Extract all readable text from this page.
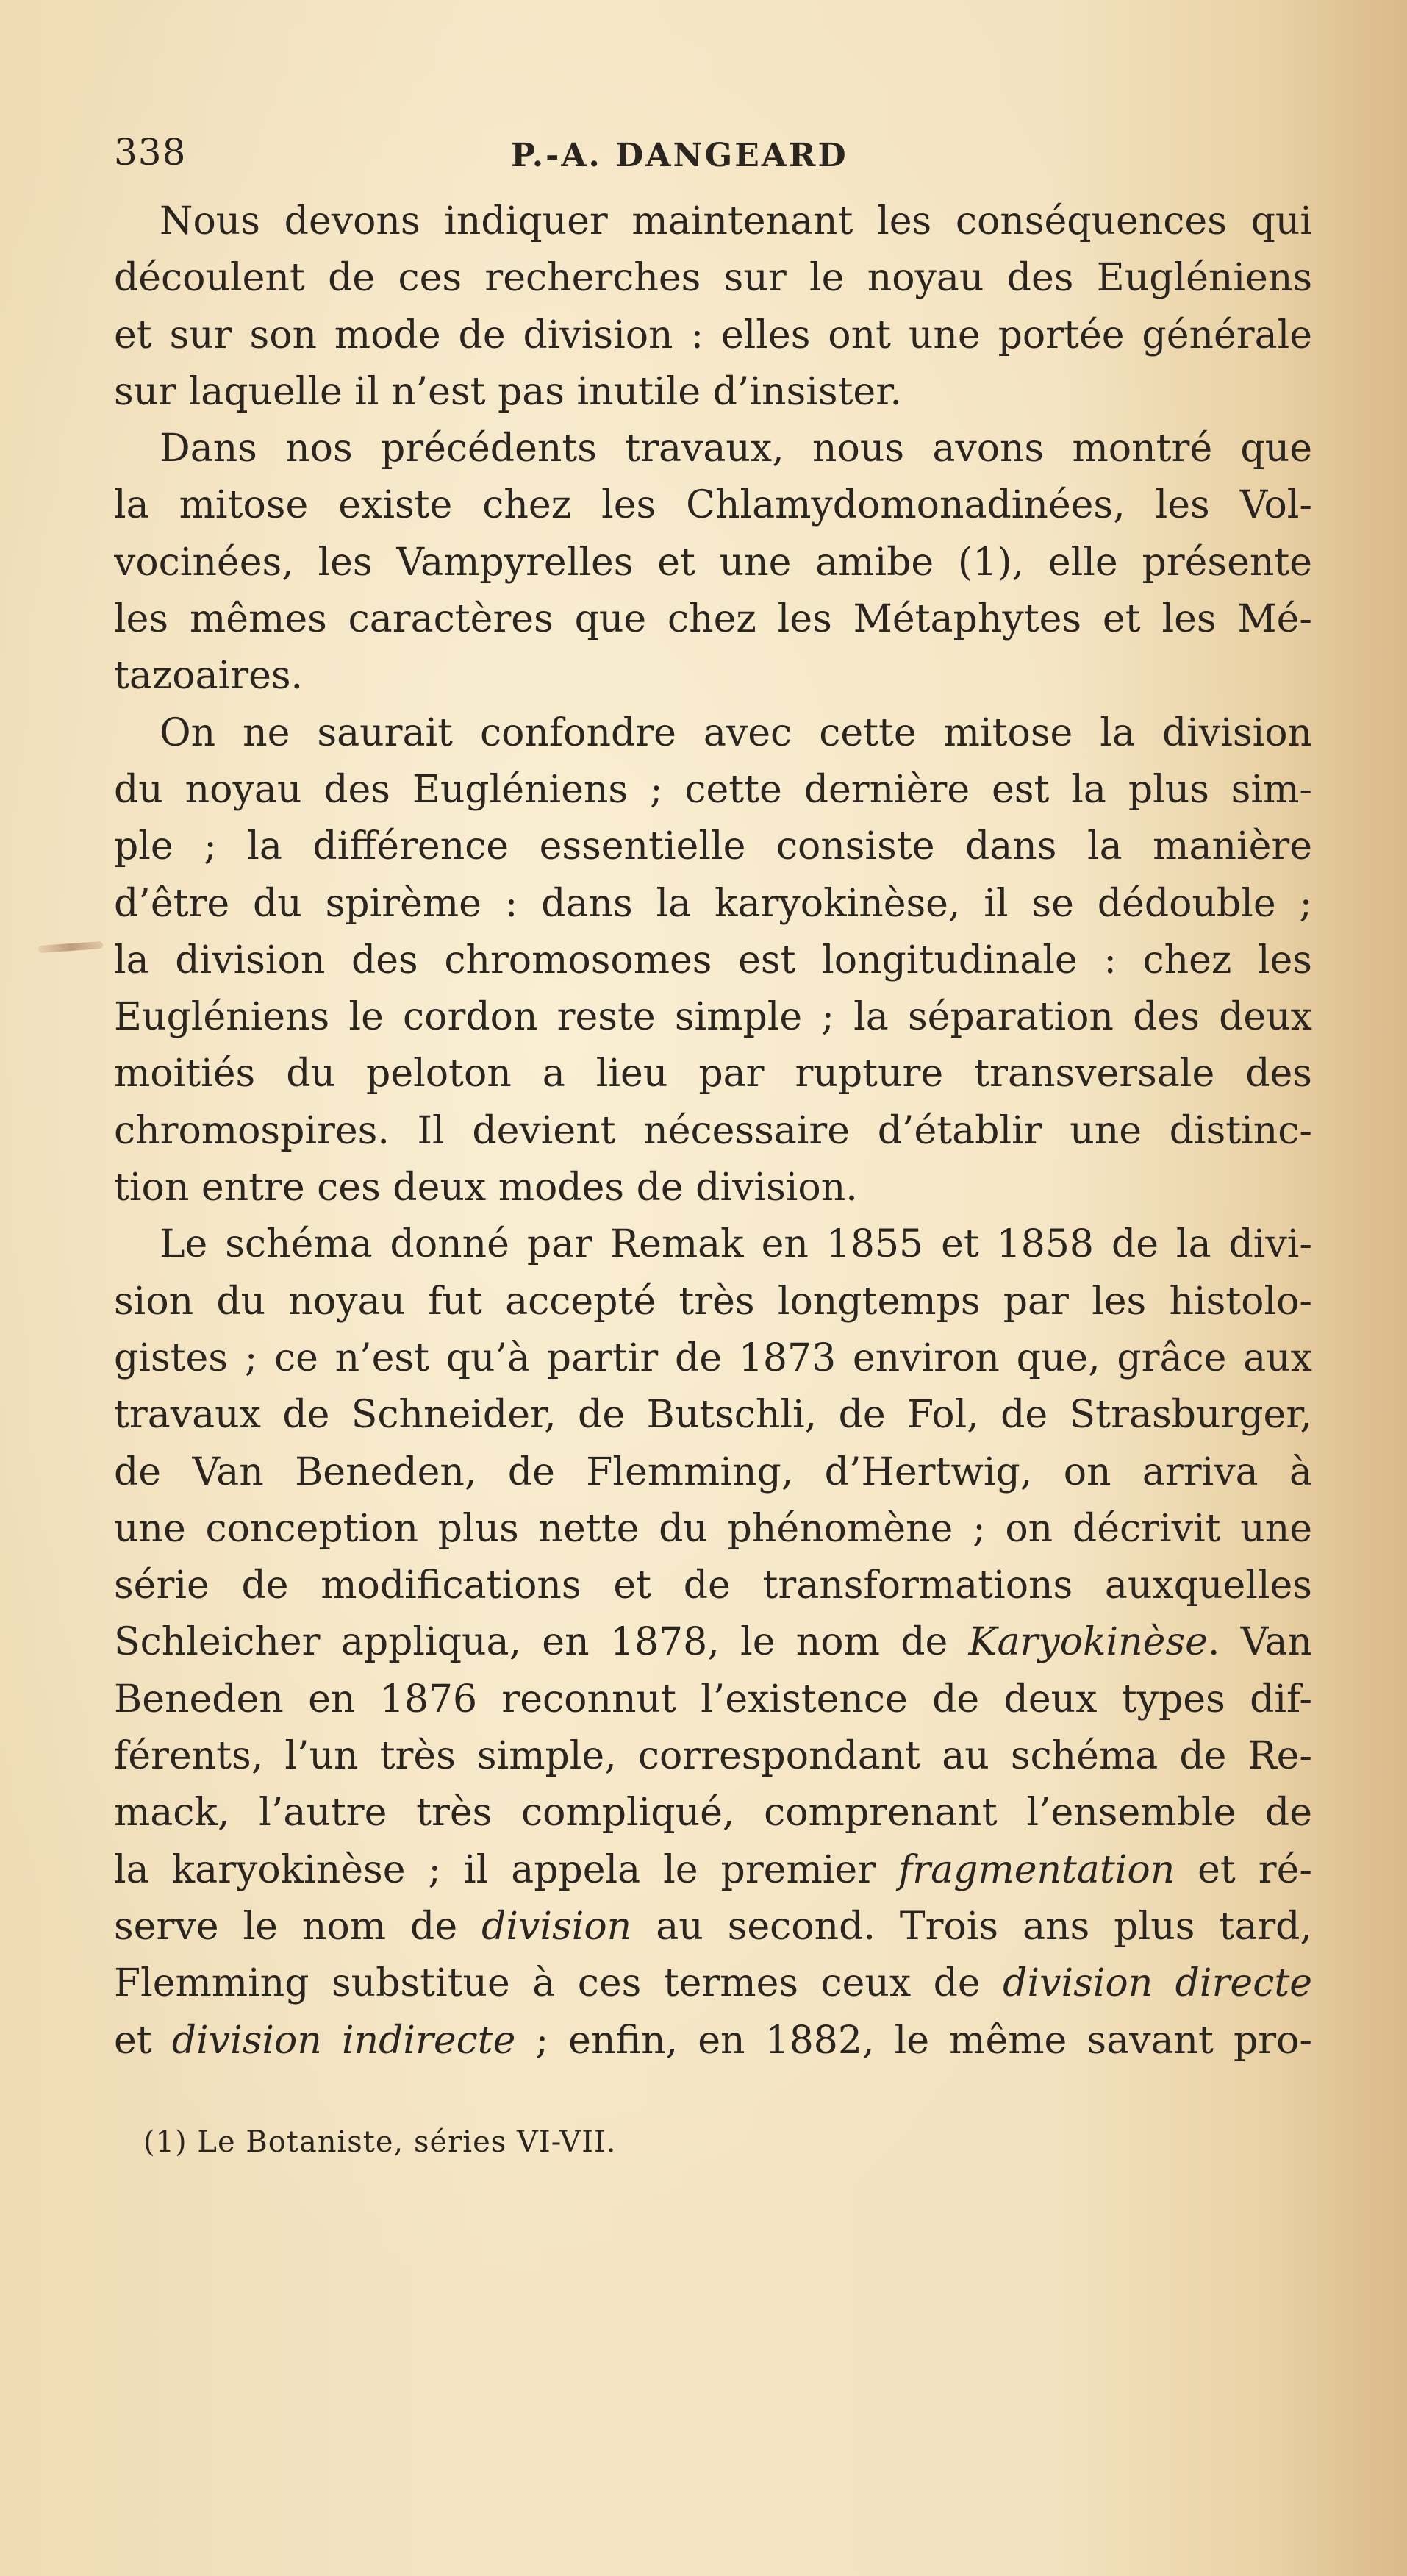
338	P.-A. DANGEARD
Nous devons indiquer maintenant les conséquences qui
découlent de ces recherches sur le noyau des Eugléniens
et sur son mode de division : elles ont une portée générale
sur laquelle il n’est pas inutile d’insister.
Dans nos précédents travaux, nous avons montré que
la mitose existe chez les Chlamydomonadinées, les Vol-
vocinées, les Vampyrelles et une amibe (1), elle présente
les mêmes caractères que chez les Métaphytes et les Mé-
tazoaires.
On ne saurait confondre avec cette mitose la division
du noyau des Eugléniens ; cette dernière est la plus sim-
ple ; la différence essentielle consiste dans la manière
d’être du spirème : dans la karyokinèse, il se dédouble ;
la division des chromosomes est longitudinale : chez les
Eugléniens le cordon reste simple ; la séparation des deux
moitiés du peloton a lieu par rupture transversale des
chromospires. Il devient nécessaire d’établir une distinc-
tion entre ces deux modes de division.
Le schéma donné par Remak en 1855 et 1858 de la divi-
sion du noyau fut accepté très longtemps par les histolo-
gistes ; ce n’est qu’à partir de 1873 environ que, grâce aux
travaux de Schneider, de Butschli, de Fol, de Strasburger,
de Van Beneden, de Flemming, d’Hertwig, on arriva à
une conception plus nette du phénomène ; on décrivit une
série de modifications et de transformations auxquelles
Schleicher appliqua, en 1878, le nom de Karyokinèse. Van
Beneden en 1876 reconnut l’existence de deux types dif-
férents, l’un très simple, correspondant au schéma de Re-
mack, l’autre très compliqué, comprenant l’ensemble de
la karyokinèse ; il appela le premier fragmentation et ré-
serve le nom de division au second. Trois ans plus tard,
Flemming substitue à ces termes ceux de division directe
et division indirecte ; enfin, en 1882, le même savant pro-
(1) Le Botaniste, séries VI-VII.
